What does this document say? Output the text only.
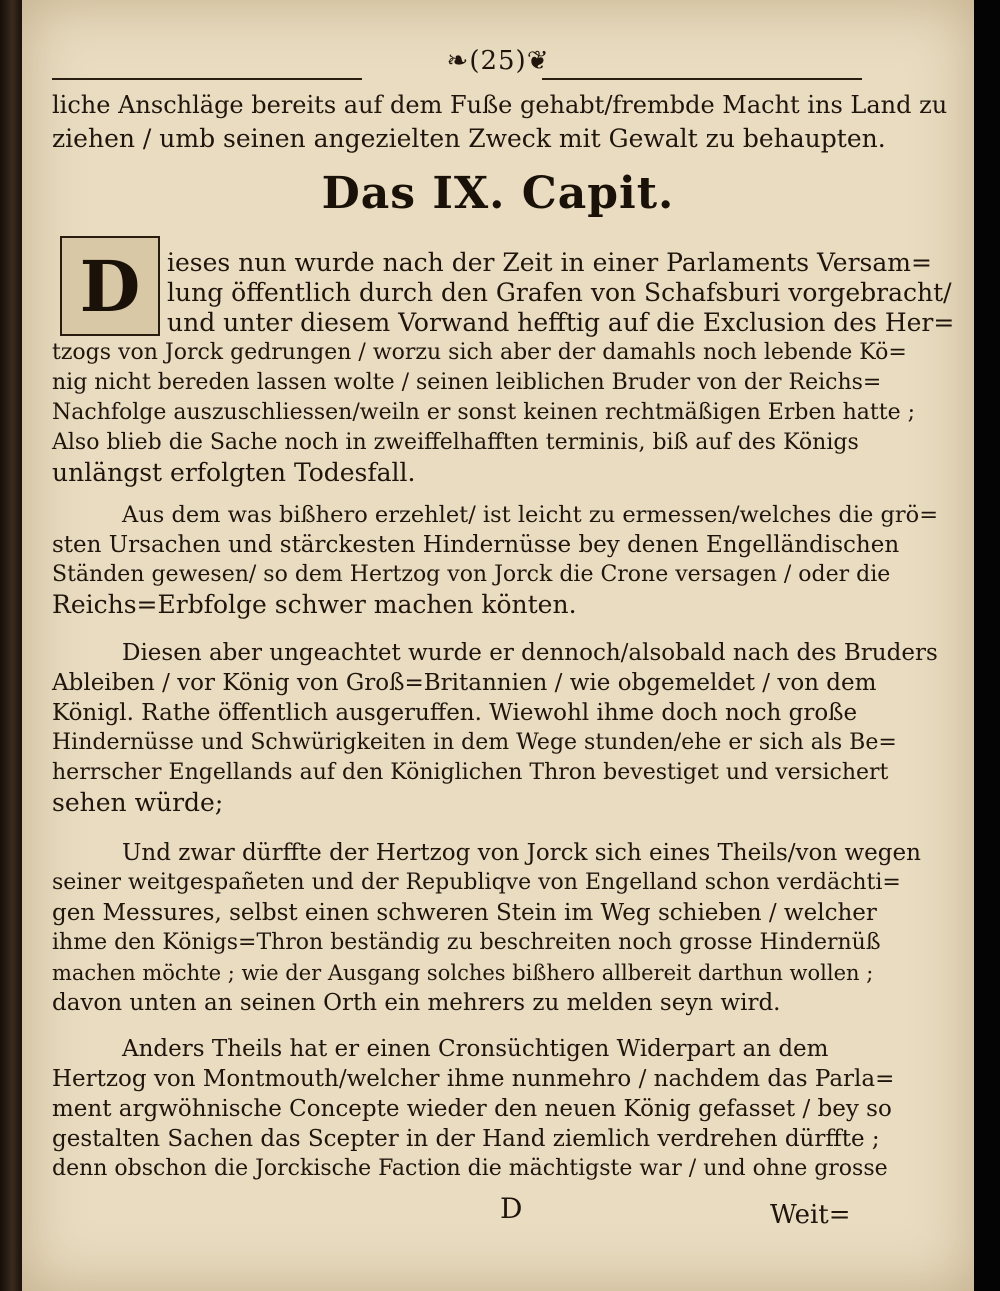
❧(25)❦
liche Anschläge bereits auf dem Fuße gehabt/frembde Macht ins Land zu
ziehen / umb seinen angezielten Zweck mit Gewalt zu behaupten.
Das IX. Capit.
D	ieses nun wurde nach der Zeit in einer Parlaments Versam=
lung öffentlich durch den Grafen von Schafsburi vorgebracht/
und unter diesem Vorwand hefftig auf die Exclusion des Her=
tzogs von Jorck gedrungen / worzu sich aber der damahls noch lebende Kö=
nig nicht bereden lassen wolte / seinen leiblichen Bruder von der Reichs=
Nachfolge auszuschliessen/weiln er sonst keinen rechtmäßigen Erben hatte ;
Also blieb die Sache noch in zweiffelhafften terminis, biß auf des Königs
unlängst erfolgten Todesfall.
Aus dem was bißhero erzehlet/ ist leicht zu ermessen/welches die grö=
sten Ursachen und stärckesten Hindernüsse bey denen Engelländischen
Ständen gewesen/ so dem Hertzog von Jorck die Crone versagen / oder die
Reichs=Erbfolge schwer machen könten.
Diesen aber ungeachtet wurde er dennoch/alsobald nach des Bruders
Ableiben / vor König von Groß=Britannien / wie obgemeldet / von dem
Königl. Rathe öffentlich ausgeruffen. Wiewohl ihme doch noch große
Hindernüsse und Schwürigkeiten in dem Wege stunden/ehe er sich als Be=
herrscher Engellands auf den Königlichen Thron bevestiget und versichert
sehen würde;
Und zwar dürffte der Hertzog von Jorck sich eines Theils/von wegen
seiner weitgespañeten und der Republiqve von Engelland schon verdächti=
gen Messures, selbst einen schweren Stein im Weg schieben / welcher
ihme den Königs=Thron beständig zu beschreiten noch grosse Hindernüß
machen möchte ; wie der Ausgang solches bißhero allbereit darthun wollen ;
davon unten an seinen Orth ein mehrers zu melden seyn wird.
Anders Theils hat er einen Cronsüchtigen Widerpart an dem
Hertzog von Montmouth/welcher ihme nunmehro / nachdem das Parla=
ment argwöhnische Concepte wieder den neuen König gefasset / bey so
gestalten Sachen das Scepter in der Hand ziemlich verdrehen dürffte ;
denn obschon die Jorckische Faction die mächtigste war / und ohne grosse
D	Weit=
